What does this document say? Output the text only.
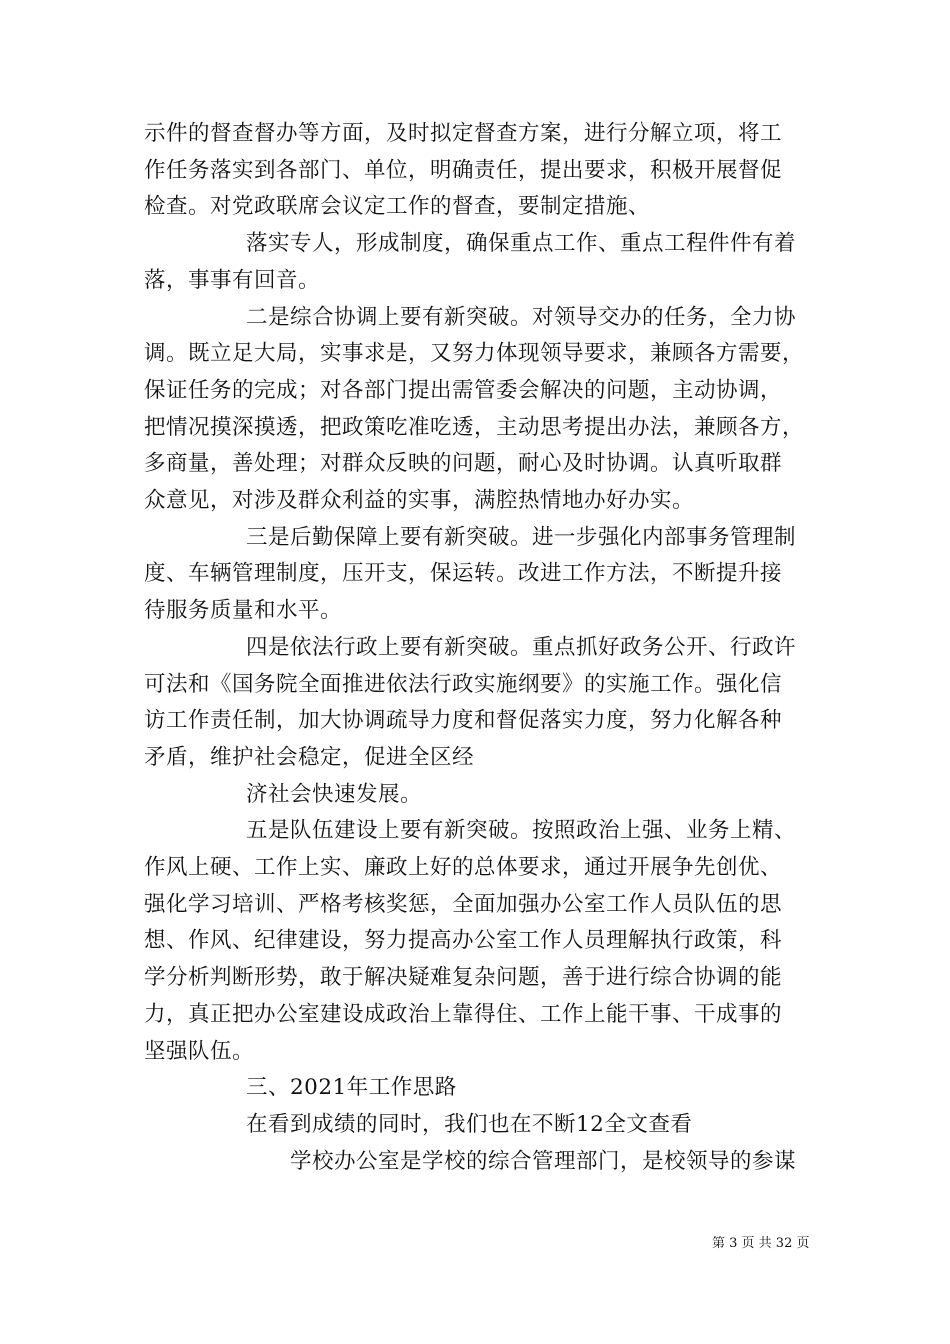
示件的督查督办等方面，及时拟定督查方案，进行分解立项，将工
作任务落实到各部门、单位，明确责任，提出要求，积极开展督促
检查。对党政联席会议定工作的督查，要制定措施、
落实专人，形成制度，确保重点工作、重点工程件件有着
落，事事有回音。
二是综合协调上要有新突破。对领导交办的任务，全力协
调。既立足大局，实事求是，又努力体现领导要求，兼顾各方需要，
保证任务的完成；对各部门提出需管委会解决的问题，主动协调，
把情况摸深摸透，把政策吃准吃透，主动思考提出办法，兼顾各方，
多商量，善处理；对群众反映的问题，耐心及时协调。认真听取群
众意见，对涉及群众利益的实事，满腔热情地办好办实。
三是后勤保障上要有新突破。进一步强化内部事务管理制
度、车辆管理制度，压开支，保运转。改进工作方法，不断提升接
待服务质量和水平。
四是依法行政上要有新突破。重点抓好政务公开、行政许
可法和《国务院全面推进依法行政实施纲要》的实施工作。强化信
访工作责任制，加大协调疏导力度和督促落实力度，努力化解各种
矛盾，维护社会稳定，促进全区经
济社会快速发展。
五是队伍建设上要有新突破。按照政治上强、业务上精、
作风上硬、工作上实、廉政上好的总体要求，通过开展争先创优、
强化学习培训、严格考核奖惩，全面加强办公室工作人员队伍的思
想、作风、纪律建设，努力提高办公室工作人员理解执行政策，科
学分析判断形势，敢于解决疑难复杂问题，善于进行综合协调的能
力，真正把办公室建设成政治上靠得住、工作上能干事、干成事的
坚强队伍。
第 3 页 共 32 页
三、2021年工作思路
在看到成绩的同时，我们也在不断12全文查看
学校办公室是学校的综合管理部门，是校领导的参谋
